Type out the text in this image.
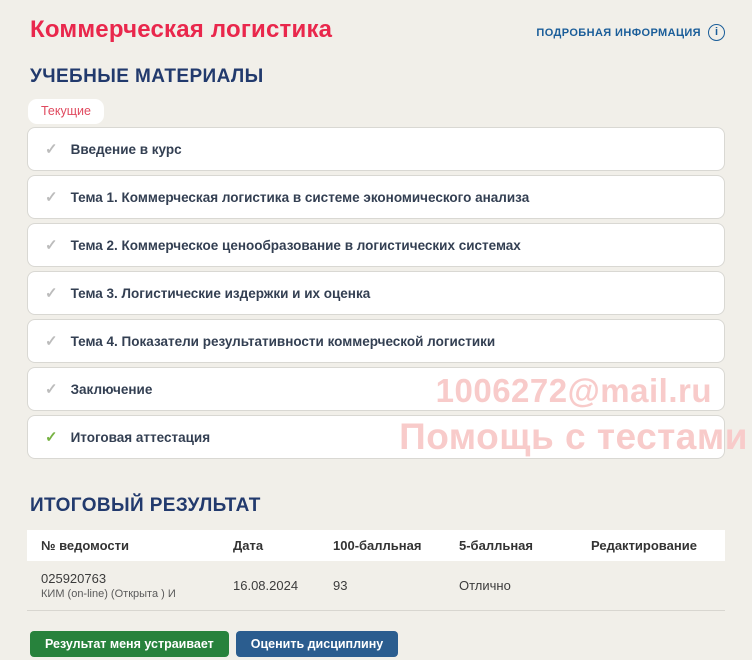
Коммерческая логистика	ПОДРОБНАЯ ИНФОРМАЦИЯ	i
УЧЕБНЫЕ МАТЕРИАЛЫ
Текущие
✓ Введение в курс
✓ Тема 1. Коммерческая логистика в системе экономического анализа
✓ Тема 2. Коммерческое ценообразование в логистических системах
✓ Тема 3. Логистические издержки и их оценка
✓ Тема 4. Показатели результативности коммерческой логистики
✓ Заключение
✓ Итоговая аттестация
1006272@mail.ru
Помощь с тестами
ИТОГОВЫЙ РЕЗУЛЬТАТ
№ ведомости	Дата	100-балльная	5-балльная	Редактирование
025920763
КИМ (on-line) (Открыта ) И
16.08.2024	93	Отлично
Результат меня устраивает	Оценить дисциплину
